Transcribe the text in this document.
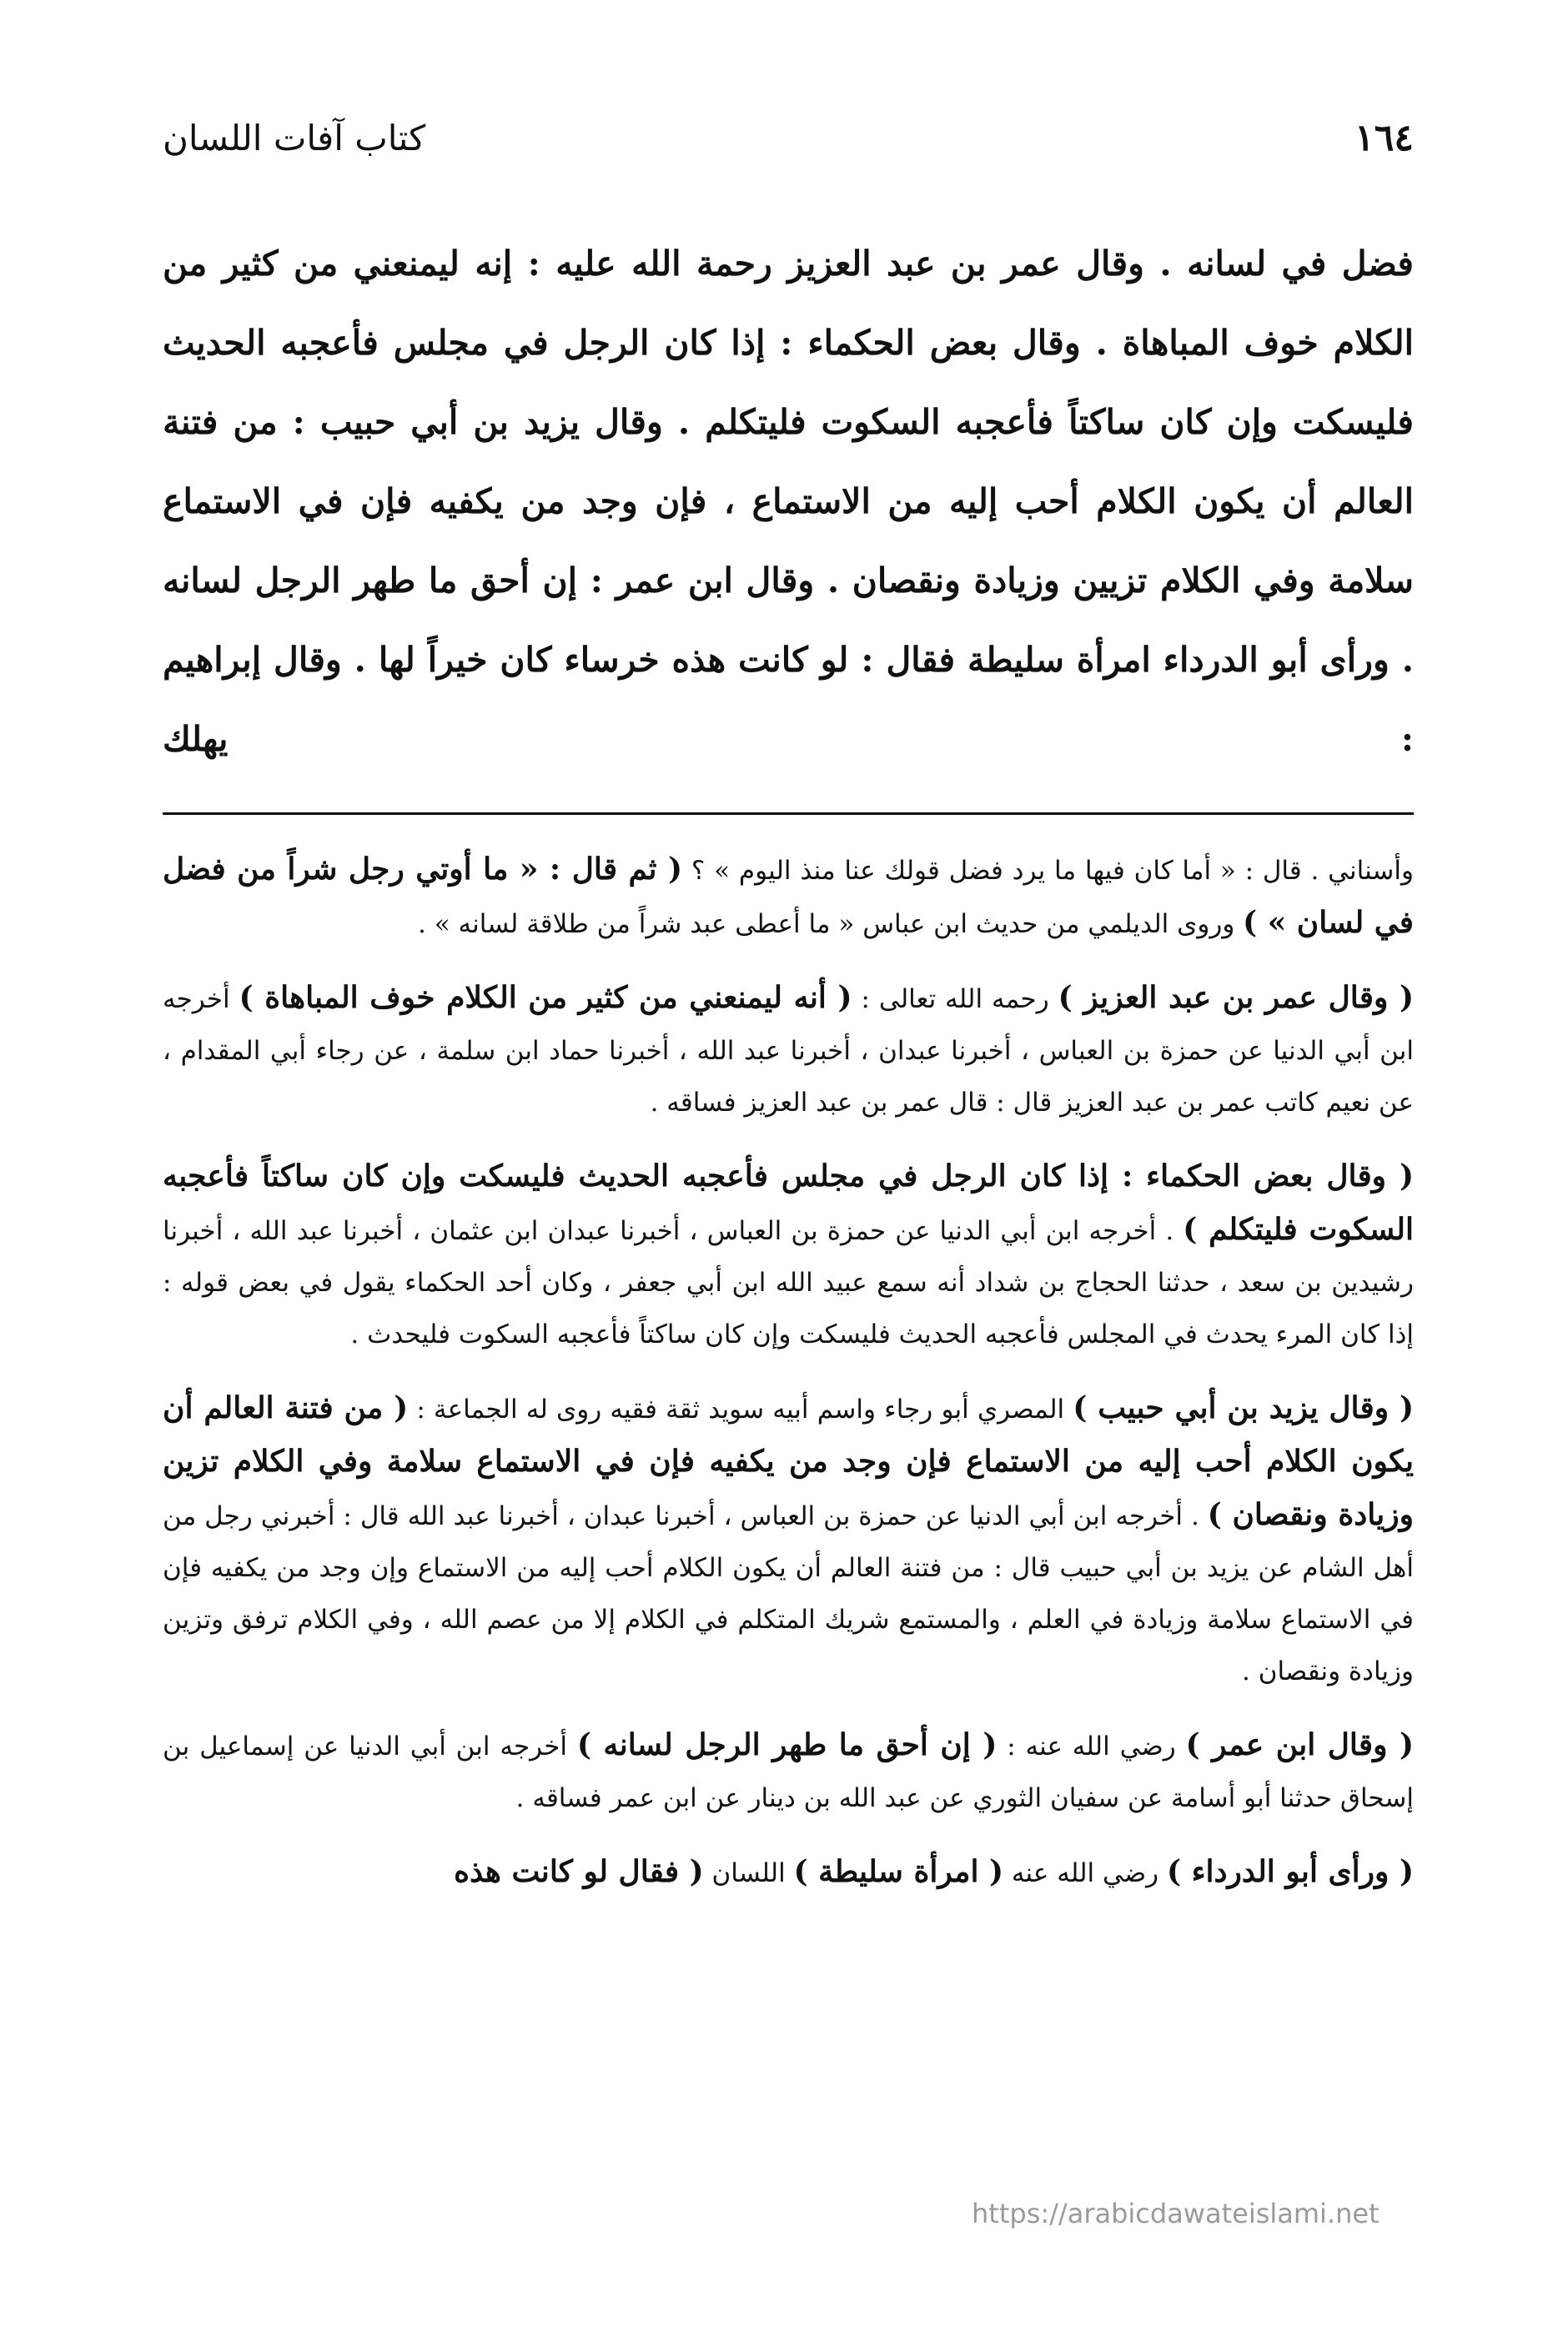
١٦٤
كتاب آفات اللسان

فضل في لسانه . وقال عمر بن عبد العزيز رحمة الله عليه : إنه ليمنعني من كثير من الكلام خوف المباهاة . وقال بعض الحكماء : إذا كان الرجل في مجلس فأعجبه الحديث فليسكت وإن كان ساكتاً فأعجبه السكوت فليتكلم . وقال يزيد بن أبي حبيب : من فتنة العالم أن يكون الكلام أحب إليه من الاستماع ، فإن وجد من يكفيه فإن في الاستماع سلامة وفي الكلام تزيين وزيادة ونقصان . وقال ابن عمر : إن أحق ما طهر الرجل لسانه . ورأى أبو الدرداء امرأة سليطة فقال : لو كانت هذه خرساء كان خيراً لها . وقال إبراهيم : يهلك

وأسناني . قال : « أما كان فيها ما يرد فضل قولك عنا منذ اليوم » ؟ ( ثم قال : « ما أوتي رجل شراً من فضل في لسان » ) وروى الديلمي من حديث ابن عباس « ما أعطى عبد شراً من طلاقة لسانه » .

( وقال عمر بن عبد العزيز ) رحمه الله تعالى : ( أنه ليمنعني من كثير من الكلام خوف المباهاة ) أخرجه ابن أبي الدنيا عن حمزة بن العباس ، أخبرنا عبدان ، أخبرنا عبد الله ، أخبرنا حماد ابن سلمة ، عن رجاء أبي المقدام ، عن نعيم كاتب عمر بن عبد العزيز قال : قال عمر بن عبد العزيز فساقه .

( وقال بعض الحكماء : إذا كان الرجل في مجلس فأعجبه الحديث فليسكت وإن كان ساكتاً فأعجبه السكوت فليتكلم ) . أخرجه ابن أبي الدنيا عن حمزة بن العباس ، أخبرنا عبدان ابن عثمان ، أخبرنا عبد الله ، أخبرنا رشيدين بن سعد ، حدثنا الحجاج بن شداد أنه سمع عبيد الله ابن أبي جعفر ، وكان أحد الحكماء يقول في بعض قوله : إذا كان المرء يحدث في المجلس فأعجبه الحديث فليسكت وإن كان ساكتاً فأعجبه السكوت فليحدث .

( وقال يزيد بن أبي حبيب ) المصري أبو رجاء واسم أبيه سويد ثقة فقيه روى له الجماعة : ( من فتنة العالم أن يكون الكلام أحب إليه من الاستماع فإن وجد من يكفيه فإن في الاستماع سلامة وفي الكلام تزين وزيادة ونقصان ) . أخرجه ابن أبي الدنيا عن حمزة بن العباس ، أخبرنا عبدان ، أخبرنا عبد الله قال : أخبرني رجل من أهل الشام عن يزيد بن أبي حبيب قال : من فتنة العالم أن يكون الكلام أحب إليه من الاستماع وإن وجد من يكفيه فإن في الاستماع سلامة وزيادة في العلم ، والمستمع شريك المتكلم في الكلام إلا من عصم الله ، وفي الكلام ترفق وتزين وزيادة ونقصان .

( وقال ابن عمر ) رضي الله عنه : ( إن أحق ما طهر الرجل لسانه ) أخرجه ابن أبي الدنيا عن إسماعيل بن إسحاق حدثنا أبو أسامة عن سفيان الثوري عن عبد الله بن دينار عن ابن عمر فساقه .

( ورأى أبو الدرداء ) رضي الله عنه ( امرأة سليطة ) اللسان ( فقال لو كانت هذه

https://arabicdawateislami.net
